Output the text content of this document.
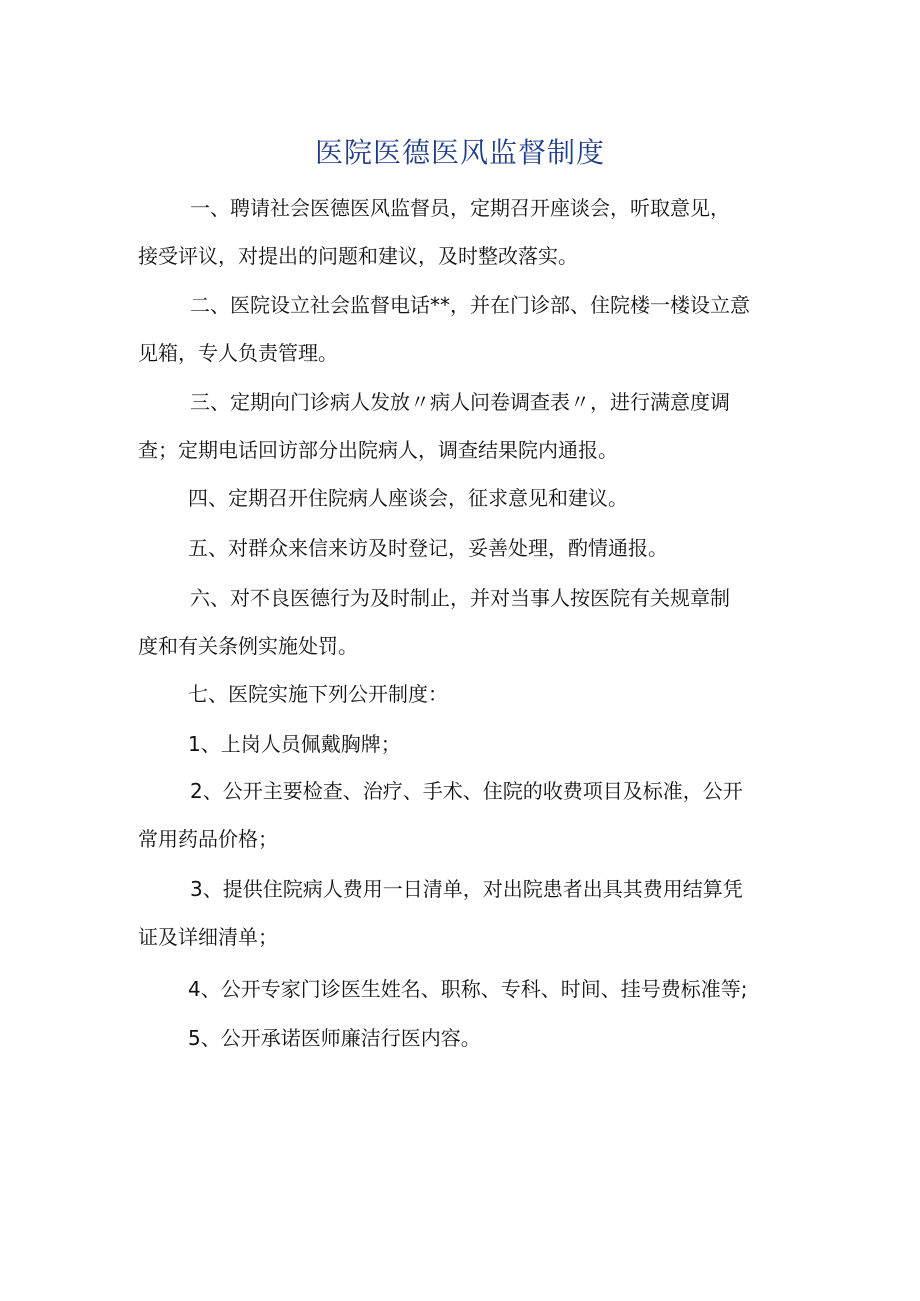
医院医德医风监督制度
一、聘请社会医德医风监督员，定期召开座谈会，听取意见，
接受评议，对提出的问题和建议，及时整改落实。
二、医院设立社会监督电话**，并在门诊部、住院楼一楼设立意
见箱，专人负责管理。
三、定期向门诊病人发放〃病人问卷调查表〃，进行满意度调
查；定期电话回访部分出院病人，调查结果院内通报。
四、定期召开住院病人座谈会，征求意见和建议。
五、对群众来信来访及时登记，妥善处理，酌情通报。
六、对不良医德行为及时制止，并对当事人按医院有关规章制
度和有关条例实施处罚。
七、医院实施下列公开制度：
1、上岗人员佩戴胸牌；
2、公开主要检查、治疗、手术、住院的收费项目及标准，公开
常用药品价格；
3、提供住院病人费用一日清单，对出院患者出具其费用结算凭
证及详细清单；
4、公开专家门诊医生姓名、职称、专科、时间、挂号费标准等;
5、公开承诺医师廉洁行医内容。
